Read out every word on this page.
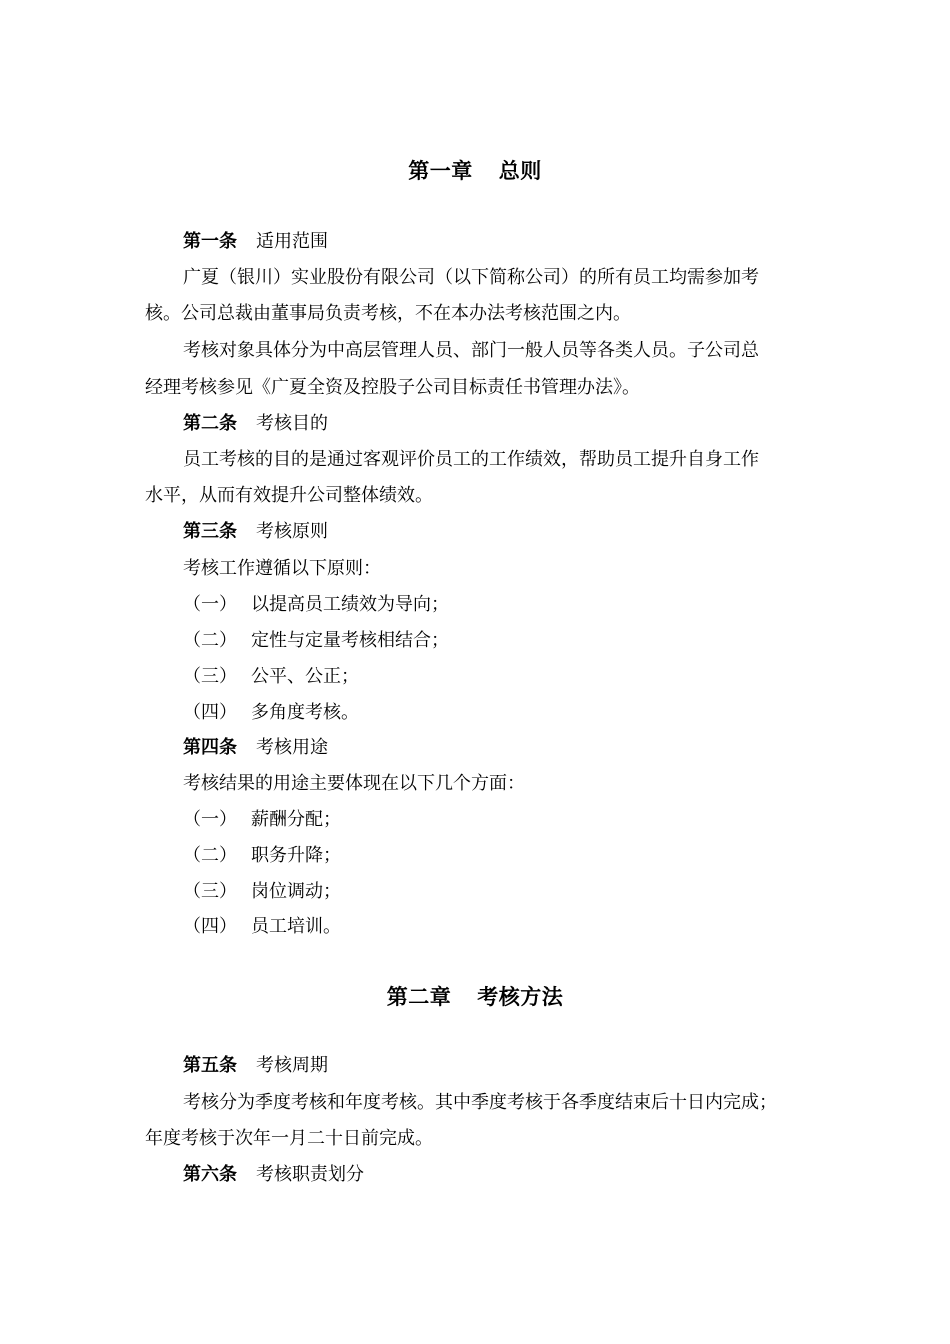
第一章 总则
第一条 适用范围
广夏（银川）实业股份有限公司（以下简称公司）的所有员工均需参加考
核。公司总裁由董事局负责考核，不在本办法考核范围之内。
考核对象具体分为中高层管理人员、部门一般人员等各类人员。子公司总
经理考核参见《广夏全资及控股子公司目标责任书管理办法》。
第二条 考核目的
员工考核的目的是通过客观评价员工的工作绩效，帮助员工提升自身工作
水平，从而有效提升公司整体绩效。
第三条 考核原则
考核工作遵循以下原则：
（一） 以提高员工绩效为导向；
（二） 定性与定量考核相结合；
（三） 公平、公正；
（四） 多角度考核。
第四条 考核用途
考核结果的用途主要体现在以下几个方面：
（一） 薪酬分配；
（二） 职务升降；
（三） 岗位调动；
（四） 员工培训。
第二章 考核方法
第五条 考核周期
考核分为季度考核和年度考核。其中季度考核于各季度结束后十日内完成；
年度考核于次年一月二十日前完成。
第六条 考核职责划分
